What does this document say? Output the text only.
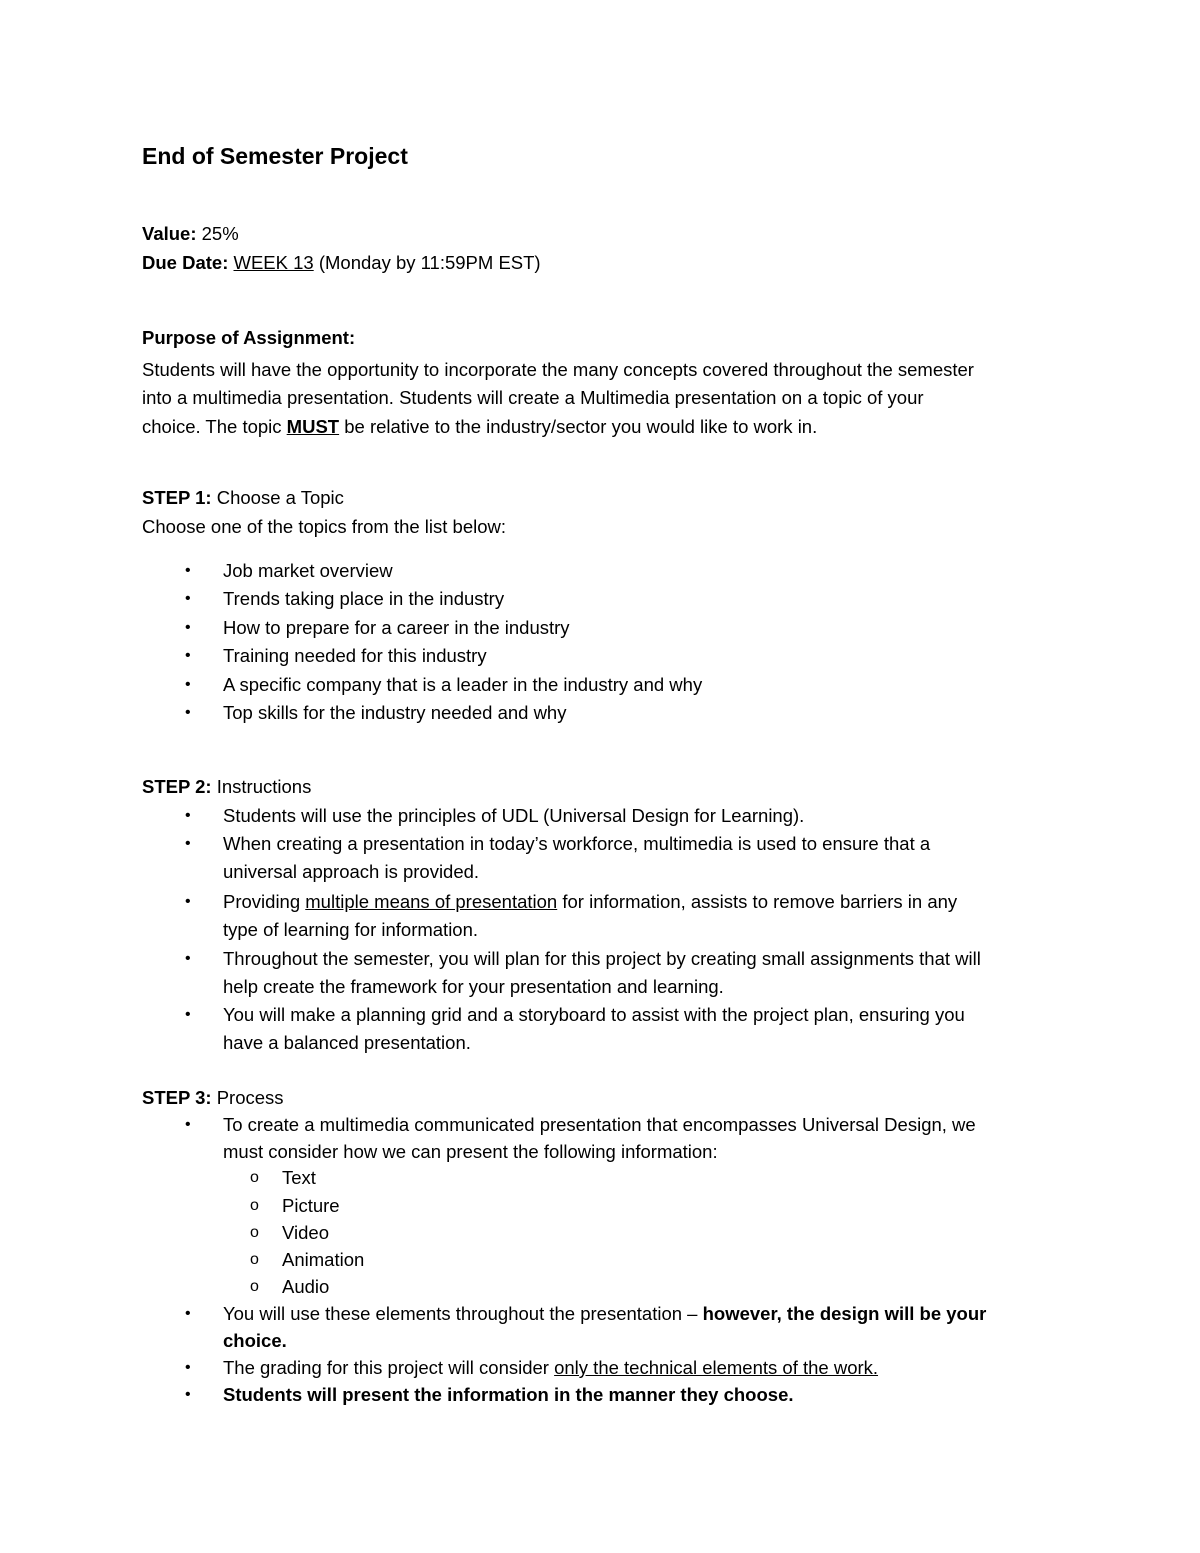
End of Semester Project
Value: 25%
Due Date: WEEK 13 (Monday by 11:59PM EST)
Purpose of Assignment:
Students will have the opportunity to incorporate the many concepts covered throughout the semester
into a multimedia presentation. Students will create a Multimedia presentation on a topic of your
choice. The topic MUST be relative to the industry/sector you would like to work in.
STEP 1: Choose a Topic
Choose one of the topics from the list below:
• Job market overview
• Trends taking place in the industry
• How to prepare for a career in the industry
• Training needed for this industry
• A specific company that is a leader in the industry and why
• Top skills for the industry needed and why
STEP 2: Instructions
• Students will use the principles of UDL (Universal Design for Learning).
• When creating a presentation in today’s workforce, multimedia is used to ensure that a
universal approach is provided.
• Providing multiple means of presentation for information, assists to remove barriers in any
type of learning for information.
• Throughout the semester, you will plan for this project by creating small assignments that will
help create the framework for your presentation and learning.
• You will make a planning grid and a storyboard to assist with the project plan, ensuring you
have a balanced presentation.
STEP 3: Process
• To create a multimedia communicated presentation that encompasses Universal Design, we
must consider how we can present the following information:
o Text
o Picture
o Video
o Animation
o Audio
• You will use these elements throughout the presentation – however, the design will be your
choice.
• The grading for this project will consider only the technical elements of the work.
• Students will present the information in the manner they choose.
